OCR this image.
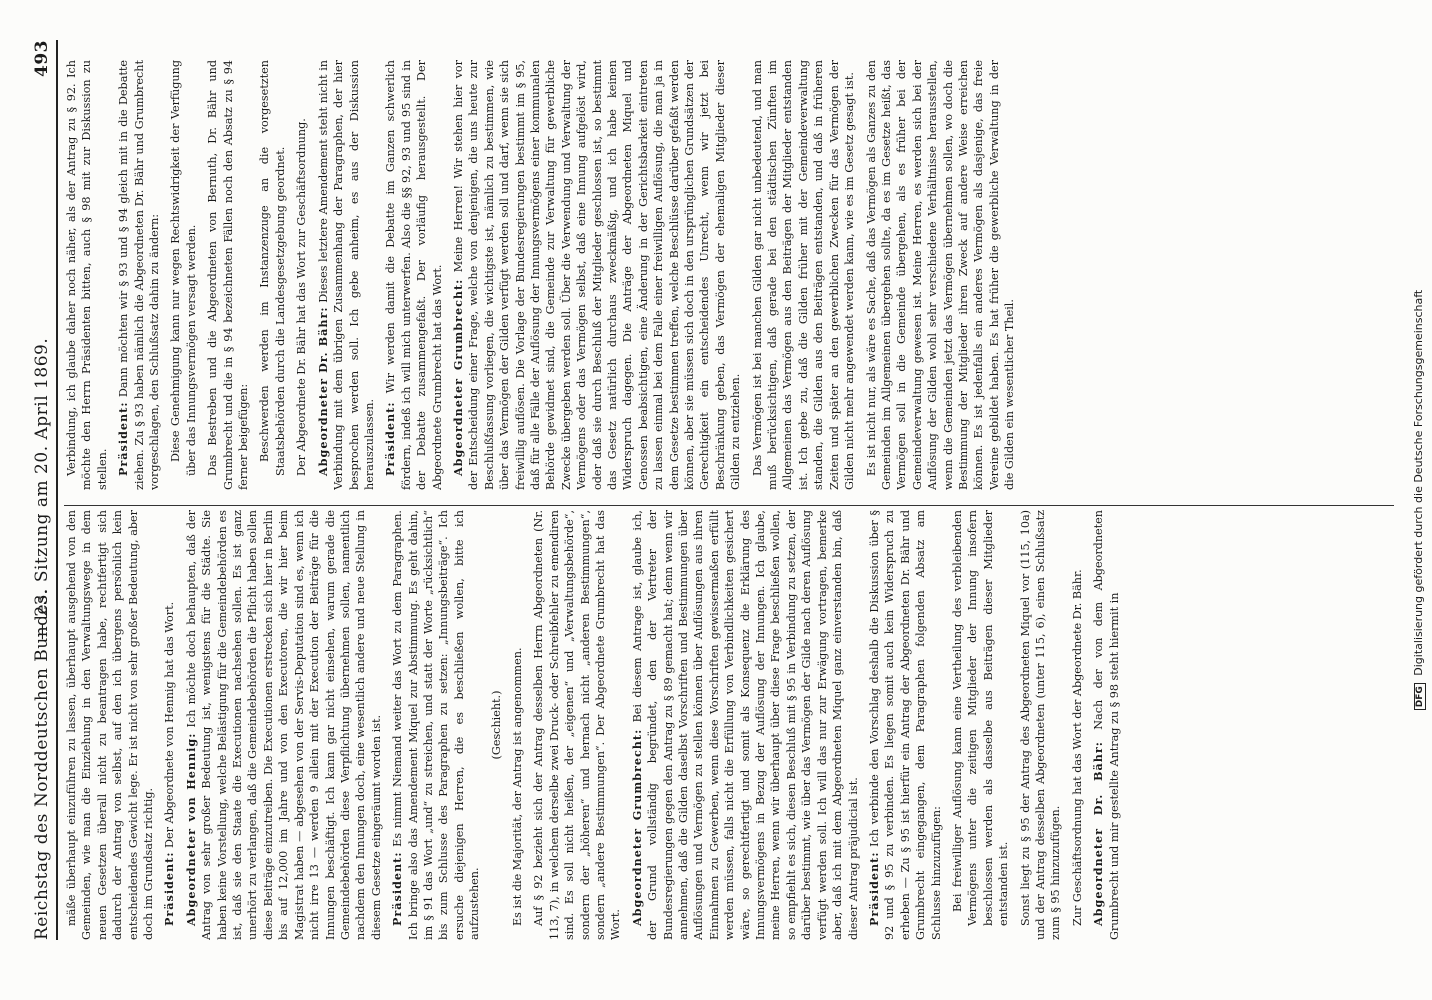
Reichstag des Norddeutschen Bundes.
— 23. Sitzung am 20. April 1869.
493

mäße überhaupt einzuführen zu lassen, überhaupt ausgehend von den Gemeinden, wie man die Einziehung in den Verwaltungswege in dem neuen Gesetzen überall nicht zu beantragen habe, rechtfertigt sich dadurch der Antrag von selbst, auf den ich übergens persönlich kein entscheidendes Gewicht lege. Er ist nicht von sehr großer Bedeutung, aber doch im Grundsatz richtig. Präsident: Der Abgeordnete von Hennig hat das Wort. Abgeordneter von Hennig: Ich möchte doch behaupten, daß der Antrag von sehr großer Bedeutung ist, wenigstens für die Städte. Sie haben keine Vorstellung, welche Belästigung für die Gemeindebehörden es ist, daß sie den Staate die Executionen nachsehen sollen. Es ist ganz unerhört zu verlangen, daß die Gemeindebehörden die Pflicht haben sollen diese Beiträge einzutreiben. Die Executionen erstrecken sich hier in Berlin bis auf 12,000 im Jahre und von den Executoren, die wir hier beim Magistrat haben — abgesehen von der Servis-Deputation sind es, wenn ich nicht irre 13 — werden 9 allein mit der Execution der Beiträge für die Innungen beschäftigt. Ich kann gar nicht einsehen, warum gerade die Gemeindebehörden diese Verpflichtung übernehmen sollen, namentlich nachdem den Innungen doch, eine wesentlich andere und neue Stellung in diesem Gesetze eingeräumt worden ist. Präsident: Es nimmt Niemand weiter das Wort zu dem Paragraphen. Ich bringe also das Amendement Miquel zur Abstimmung. Es geht dahin, im § 91 das Wort „und“ zu streichen, und statt der Worte „rücksichtlich“ bis zum Schlusse des Paragraphen zu setzen: „Innungsbeiträge“. Ich ersuche diejenigen Herren, die es beschließen wollen, bitte ich aufzustehen.

(Geschieht.) Es ist die Majorität, der Antrag ist angenommen. Auf § 92 bezieht sich der Antrag desselben Herrn Abgeordneten (Nr. 113, 7), in welchem derselbe zwei Druck- oder Schreibfehler zu emendiren sind. Es soll nicht heißen, der „eigenen“ und „Verwaltungsbehörde“, sondern der „höheren“ und hernach nicht „anderen Bestimmungen“, sondern „andere Bestimmungen“. Der Abgeordnete Grumbrecht hat das Wort. Abgeordneter Grumbrecht: Bei diesem Antrage ist, glaube ich, der Grund vollständig begründet, den der Vertreter der Bundesregierungen gegen den Antrag zu § 89 gemacht hat; denn wenn wir annehmen, daß die Gilden daselbst Vorschriften und Bestimmungen über Auflösungen und Vermögen zu stellen können über Auflösungen aus ihren Einnahmen zu Gewerben, wenn diese Vorschriften gewissermaßen erfüllt werden müssen, falls nicht die Erfüllung von Verbindlichkeiten gesichert wäre, so gerechtfertigt und somit als Konsequenz die Erklärung des Innungsvermögens in Bezug der Auflösung der Innungen. Ich glaube, meine Herren, wenn wir überhaupt über diese Frage beschließen wollen, so empfiehlt es sich, diesen Beschluß mit § 95 in Verbindung zu setzen, der darüber bestimmt, wie über das Vermögen der Gilde nach deren Auflösung verfügt werden soll. Ich will das nur zur Erwägung vortragen, bemerke aber, daß ich mit dem Abgeordneten Miquel ganz einverstanden bin, daß dieser Antrag präjudicial ist. Präsident: Ich verbinde den Vorschlag deshalb die Diskussion über § 92 und § 95 zu verbinden. Es liegen somit auch kein Widerspruch zu erheben — Zu § 95 ist hierfür ein Antrag der Abgeordneten Dr. Bähr und Grumbrecht eingegangen, dem Paragraphen folgenden Absatz am Schlusse hinzuzufügen: Bei freiwilliger Auflösung kann eine Vertheilung des verbleibenden Vermögens unter die zeitigen Mitglieder der Innung insofern beschlossen werden als dasselbe aus Beiträgen dieser Mitglieder entstanden ist. Sonst liegt zu § 95 der Antrag des Abgeordneten Miquel vor (115, 10a) und der Antrag desselben Abgeordneten (unter 115, 6), einen Schlußsatz zum § 95 hinzuzufügen. Zur Geschäftsordnung hat das Wort der Abgeordnete Dr. Bähr. Abgeordneter Dr. Bähr: Nach der von dem Abgeordneten Grumbrecht und mir gestellte Antrag zu § 98 steht hiermit in

Verbindung, ich glaube daher noch näher, als der Antrag zu § 92. Ich möchte den Herrn Präsidenten bitten, auch § 98 mit zur Diskussion zu stellen. Präsident: Dann möchten wir § 93 und § 94 gleich mit in die Debatte ziehen. Zu § 93 haben nämlich die Abgeordneten Dr. Bähr und Grumbrecht vorgeschlagen, den Schlußsatz dahin zu ändern: Diese Genehmigung kann nur wegen Rechtswidrigkeit der Verfügung über das Innungsvermögen versagt werden. Das Bestreben und die Abgeordneten von Bernuth, Dr. Bähr und Grumbrecht und die in § 94 bezeichneten Fällen noch den Absatz zu § 94 ferner beigefügen: Beschwerden werden im Instanzenzuge an die vorgesetzten Staatsbehörden durch die Landesgesetzgebung geordnet. Der Abgeordnete Dr. Bähr hat das Wort zur Geschäftsordnung. Abgeordneter Dr. Bähr: Dieses letztere Amendement steht nicht in Verbindung mit dem übrigen Zusammenhang der Paragraphen, der hier besprochen werden soll. Ich gebe anheim, es aus der Diskussion herauszulassen. Präsident: Wir werden damit die Debatte im Ganzen schwerlich fördern, indeß ich will mich unterwerfen. Also die §§ 92, 93 und 95 sind in der Debatte zusammengefaßt. Der vorläufig herausgestellt. Der Abgeordnete Grumbrecht hat das Wort. Abgeordneter Grumbrecht: Meine Herren! Wir stehen hier vor der Entscheidung einer Frage, welche von denjenigen, die uns heute zur Beschlußfassung vorliegen, die wichtigste ist, nämlich zu bestimmen, wie über das Vermögen der Gilden verfügt werden soll und darf, wenn sie sich freiwillig auflösen. Die Vorlage der Bundesregierungen bestimmt im § 95, daß für alle Fälle der Auflösung der Innungsvermögens einer kommunalen Behörde gewidmet sind, die Gemeinde zur Verwaltung für gewerbliche Zwecke übergeben werden soll. Über die Verwendung und Verwaltung der Vermögens oder das Vermögen selbst, daß eine Innung aufgelöst wird, oder daß sie durch Beschluß der Mitglieder geschlossen ist, so bestimmt das Gesetz natürlich durchaus zweckmäßig, und ich habe keinen Widerspruch dagegen. Die Anträge der Abgeordneten Miquel und Genossen beabsichtigen, eine Änderung in der Gerichtsbarkeit eintreten zu lassen einmal bei dem Falle einer freiwilligen Auflösung, die man ja in dem Gesetze bestimmen treffen, welche Beschlüsse darüber gefaßt werden können, aber sie müssen sich doch in den ursprünglichen Grundsätzen der Gerechtigkeit ein entscheidendes Unrecht, wenn wir jetzt bei Beschränkung geben, das Vermögen der ehemaligen Mitglieder dieser Gilden zu entziehen. Das Vermögen ist bei manchen Gilden gar nicht unbedeutend, und man muß berücksichtigen, daß gerade bei den städtischen Zünften im Allgemeinen das Vermögen aus den Beiträgen der Mitglieder entstanden ist. Ich gebe zu, daß die Gilden früher mit der Gemeindeverwaltung standen, die Gilden aus den Beiträgen entstanden, und daß in früheren Zeiten und später an den gewerblichen Zwecken für das Vermögen der Gilden nicht mehr angewendet werden kann, wie es im Gesetz gesagt ist. Es ist nicht nur, als wäre es Sache, daß das Vermögen als Ganzes zu den Gemeinden im Allgemeinen übergehen sollte, da es im Gesetze heißt, das Vermögen soll in die Gemeinde übergehen, als es früher bei der Gemeindeverwaltung gewesen ist. Meine Herren, es werden sich bei der Auflösung der Gilden wohl sehr verschiedene Verhältnisse herausstellen, wenn die Gemeinden jetzt das Vermögen übernehmen sollen, wo doch die Bestimmung der Mitglieder ihren Zweck auf andere Weise erreichen können. Es ist jedenfalls ein anderes Vermögen als dasjenige, das freie Vereine gebildet haben. Es hat früher die gewerbliche Verwaltung in der die Gilden ein wesentlicher Theil.

DFG Digitalisierung gefördert durch die Deutsche Forschungsgemeinschaft
